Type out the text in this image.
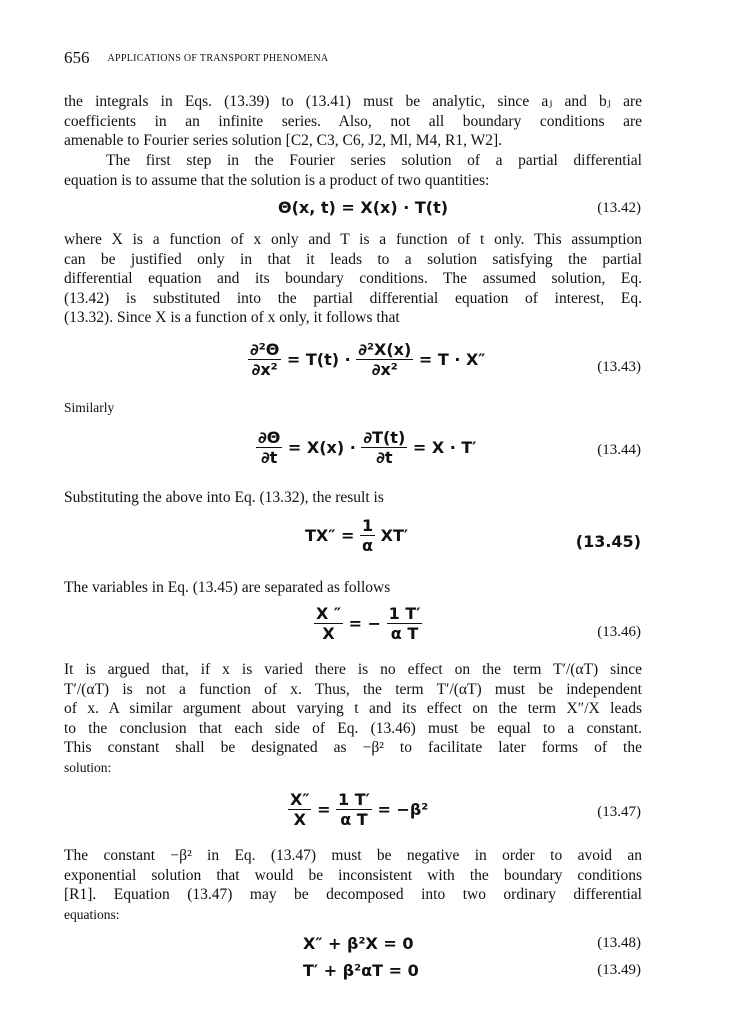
656 APPLICATIONS OF TRANSPORT PHENOMENA

the integrals in Eqs. (13.39) to (13.41) must be analytic, since aⱼ and bⱼ are

coefficients in an infinite series. Also, not all boundary conditions are

amenable to Fourier series solution [C2, C3, C6, J2, Ml, M4, R1, W2].

The first step in the Fourier series solution of a partial differential

equation is to assume that the solution is a product of two quantities:

Θ(x, t) = X(x) · T(t)	(13.42)

where X is a function of x only and T is a function of t only. This assumption

can be justified only in that it leads to a solution satisfying the partial

differential equation and its boundary conditions. The assumed solution, Eq.

(13.42) is substituted into the partial differential equation of interest, Eq.

(13.32). Since X is a function of x only, it follows that

$\frac{\text{∂²Θ}}{\text{∂x²}} = T(t) \cdot \frac{\text{∂²X(x)}}{\text{∂x²}} = T \cdot X''$	(13.43)

Similarly

$\frac{\partial\Theta}{\partial t} = X(x) \cdot \frac{\partial T(t)}{\partial t} = X \cdot T'$	(13.44)

Substituting the above into Eq. (13.32), the result is

$TX'' = \frac{1}{\alpha} XT'$	(13.45)

The variables in Eq. (13.45) are separated as follows

$\frac{X ''}{X}$ = − $\frac{1 T'}{\text{α T}}$	(13.46)

It is argued that, if x is varied there is no effect on the term T′/(αT) since

T′/(αT) is not a function of x. Thus, the term T′/(αT) must be independent

of x. A similar argument about varying t and its effect on the term X″/X leads

to the conclusion that each side of Eq. (13.46) must be equal to a constant.

This constant shall be designated as −β² to facilitate later forms of the

solution:

$\frac{X''}{X} = \frac{1 T'}{\text{α T}} = -\beta^2$	(13.47)

The constant −β² in Eq. (13.47) must be negative in order to avoid an

exponential solution that would be inconsistent with the boundary conditions

[R1]. Equation (13.47) may be decomposed into two ordinary differential

equations:

X″ + β²X = 0	(13.48)
T′ + β²αT = 0	(13.49)
